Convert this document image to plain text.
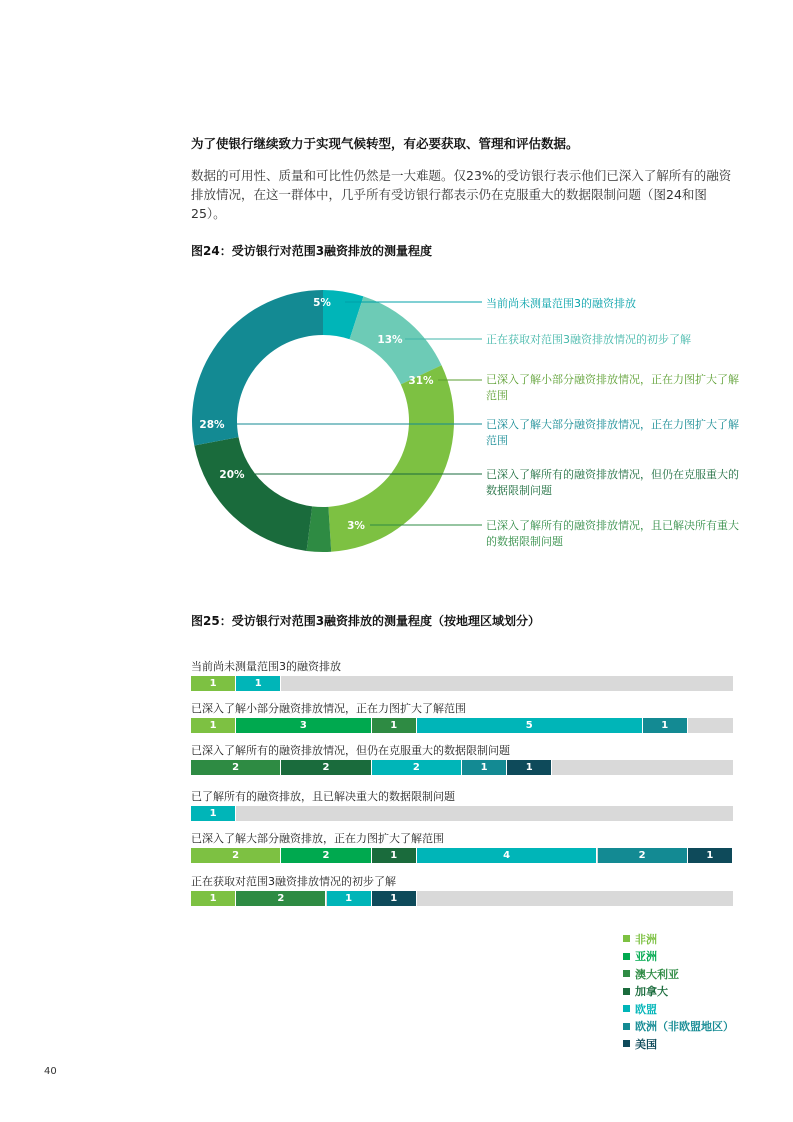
为了使银行继续致力于实现气候转型，有必要获取、管理和评估数据。

数据的可用性、质量和可比性仍然是一大难题。仅23%的受访银行表示他们已深入了解所有的融资排放情况，在这一群体中，几乎所有受访银行都表示仍在克服重大的数据限制问题（图24和图25）。

图24：受访银行对范围3融资排放的测量程度

5%
13%
31%
3%
20%
28%

当前尚未测量范围3的融资排放

正在获取对范围3融资排放情况的初步了解

已深入了解小部分融资排放情况，正在力图扩大了解范围

已深入了解所有的融资排放情况，且已解决所有重大的数据限制问题

已深入了解所有的融资排放情况，但仍在克服重大的数据限制问题

已深入了解大部分融资排放情况，正在力图扩大了解范围

图25：受访银行对范围3融资排放的测量程度（按地理区域划分）

当前尚未测量范围3的融资排放
1	1
已深入了解小部分融资排放情况，正在力图扩大了解范围
1	3	1	5	1
已深入了解所有的融资排放情况，但仍在克服重大的数据限制问题
2	2	2	1	1
已了解所有的融资排放，且已解决重大的数据限制问题
1
已深入了解大部分融资排放，正在力图扩大了解范围
2	2	1	4	2	1
正在获取对范围3融资排放情况的初步了解
1	2	1	1
非洲
亚洲
澳大利亚
加拿大
欧盟
欧洲（非欧盟地区）
美国
40
